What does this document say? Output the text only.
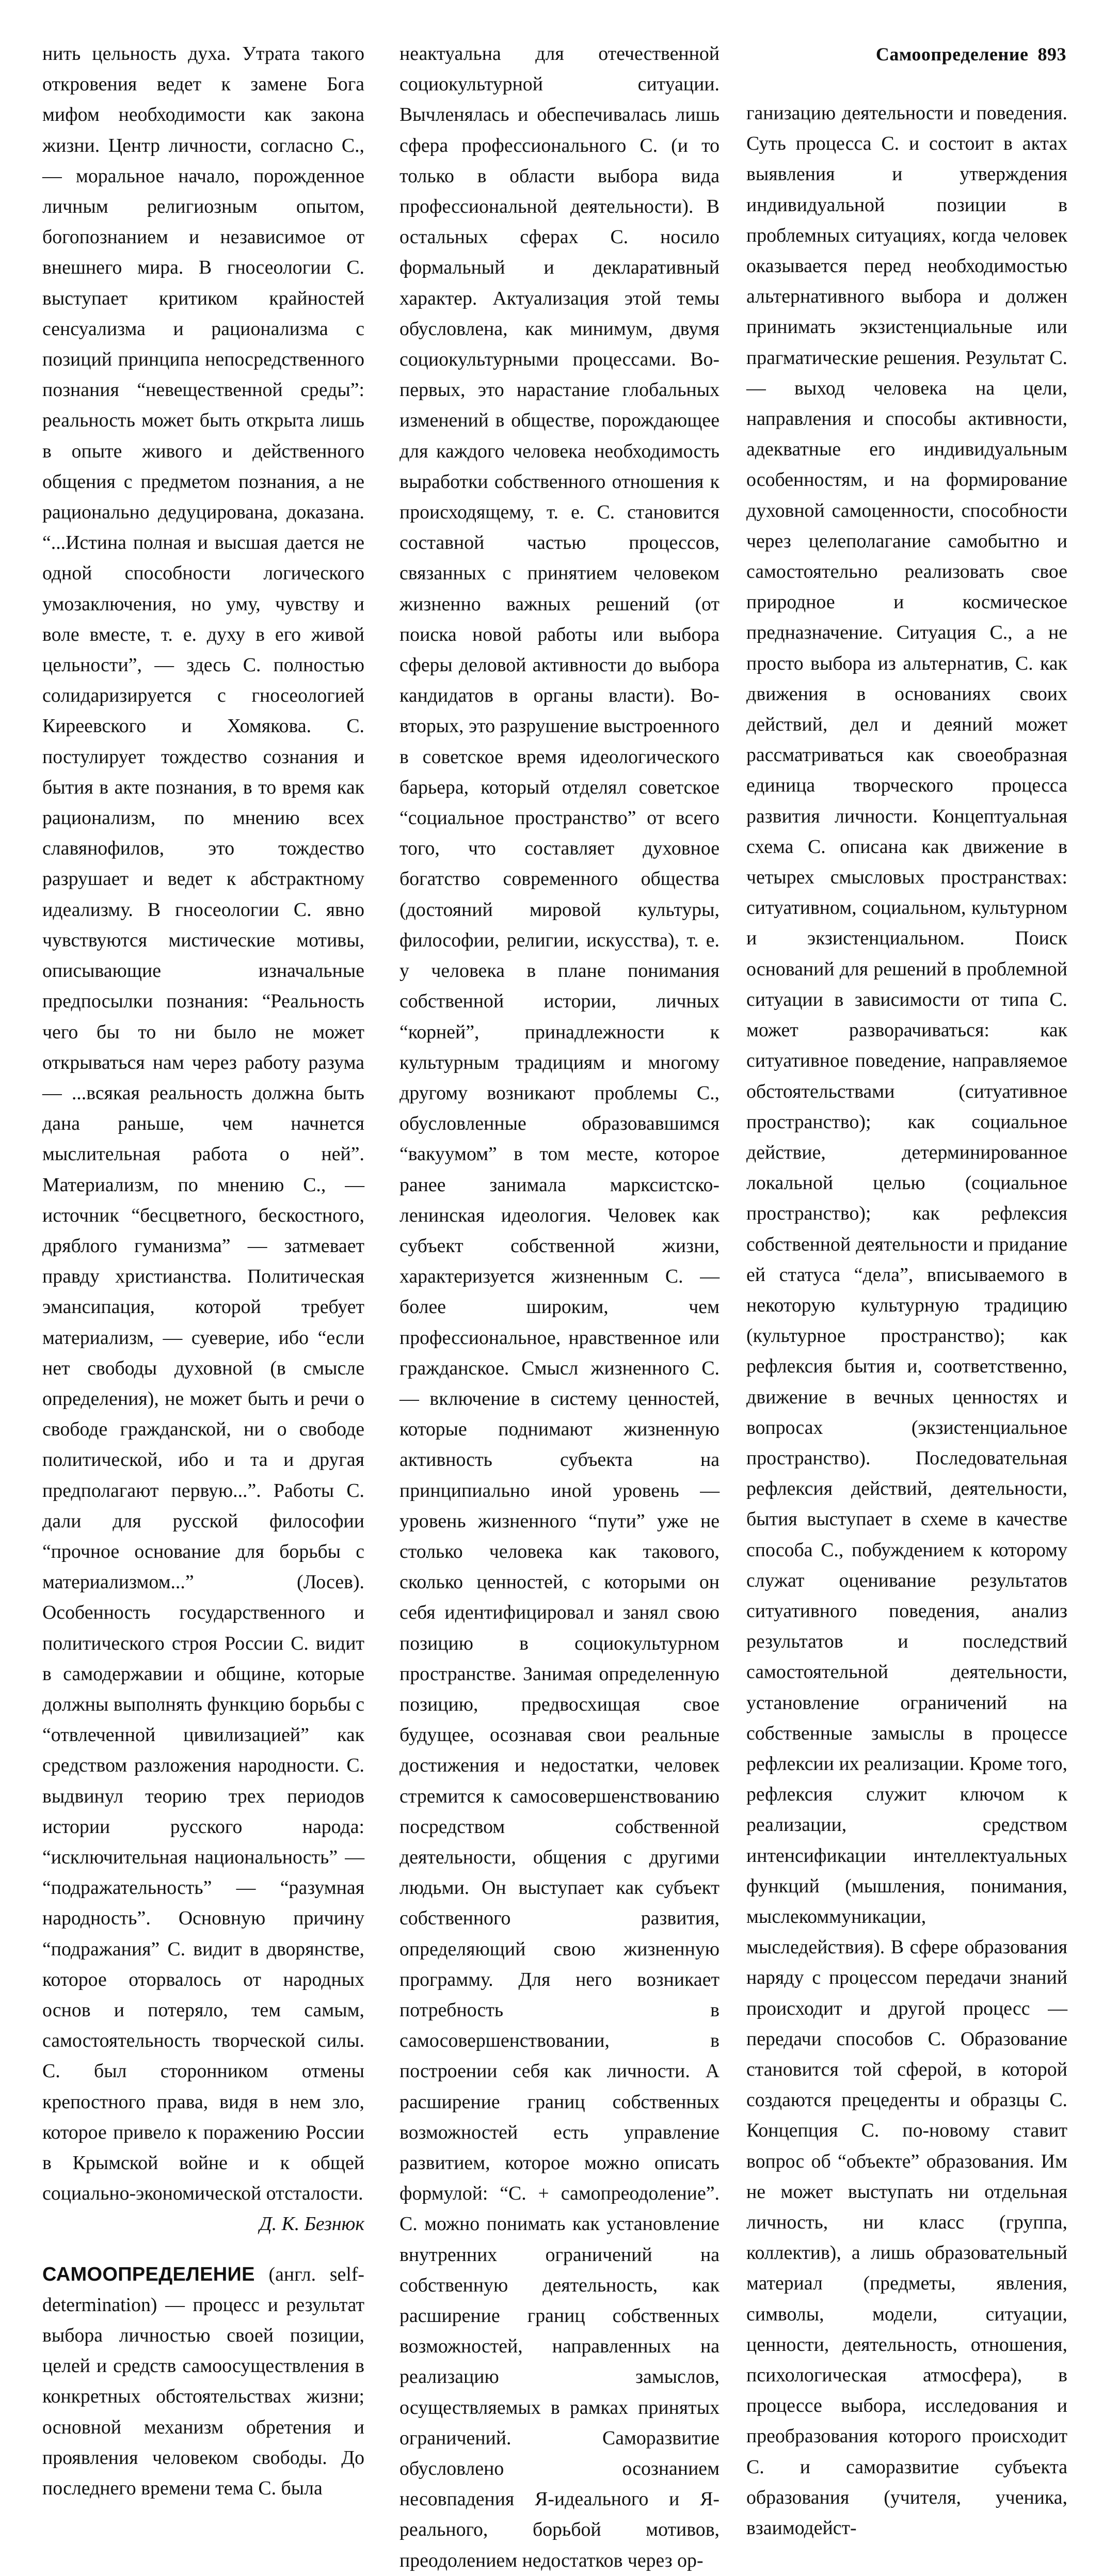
Самоопределение 893

нить цельность духа. Утрата такого откровения ведет к замене Бога мифом необходимости как закона жизни. Центр личности, согласно С., — моральное начало, порожденное личным религиозным опытом, богопознанием и независимое от внешнего мира. В гносеологии С. выступает критиком крайностей сенсуализма и рационализма с позиций принципа непосредственного познания “невещественной среды”: реальность может быть открыта лишь в опыте живого и действенного общения с предметом познания, а не рационально дедуцирована, доказана. “...Истина полная и высшая дается не одной способности логического умозаключения, но уму, чувству и воле вместе, т. е. духу в его живой цельности”, — здесь С. полностью солидаризируется с гносеологией Киреевского и Хомякова. С. постулирует тождество сознания и бытия в акте познания, в то время как рационализм, по мнению всех славянофилов, это тождество разрушает и ведет к абстрактному идеализму. В гносеологии С. явно чувствуются мистические мотивы, описывающие изначальные предпосылки познания: “Реальность чего бы то ни было не может открываться нам через работу разума — ...всякая реальность должна быть дана раньше, чем начнется мыслительная работа о ней”. Материализм, по мнению С., — источник “бесцветного, бескостного, дряблого гуманизма” — затмевает правду христианства. Политическая эмансипация, которой требует материализм, — суеверие, ибо “если нет свободы духовной (в смысле определения), не может быть и речи о свободе гражданской, ни о свободе политической, ибо и та и другая предполагают первую...”. Работы С. дали для русской философии “прочное основание для борьбы с материализмом...” (Лосев). Особенность государственного и политического строя России С. видит в самодержавии и общине, которые должны выполнять функцию борьбы с “отвлеченной цивилизацией” как средством разложения народности. С. выдвинул теорию трех периодов истории русского народа: “исключительная национальность” — “подражательность” — “разумная народность”. Основную причину “подражания” С. видит в дворянстве, которое оторвалось от народных основ и потеряло, тем самым, самостоятельность творческой силы. С. был сторонником отмены крепостного права, видя в нем зло, которое привело к поражению России в Крымской войне и к общей социально-экономической отсталости.

Д. К. Безнюк

САМООПРЕДЕЛЕНИЕ (англ. self-determination) — процесс и результат выбора личностью своей позиции, целей и средств самоосуществления в конкретных обстоятельствах жизни; основной механизм обретения и проявления человеком свободы. До последнего времени тема С. была

неактуальна для отечественной социокультурной ситуации. Вычленялась и обеспечивалась лишь сфера профессионального С. (и то только в области выбора вида профессиональной деятельности). В остальных сферах С. носило формальный и декларативный характер. Актуализация этой темы обусловлена, как минимум, двумя социокультурными процессами. Во-первых, это нарастание глобальных изменений в обществе, порождающее для каждого человека необходимость выработки собственного отношения к происходящему, т. е. С. становится составной частью процессов, связанных с принятием человеком жизненно важных решений (от поиска новой работы или выбора сферы деловой активности до выбора кандидатов в органы власти). Во-вторых, это разрушение выстроенного в советское время идеологического барьера, который отделял советское “социальное пространство” от всего того, что составляет духовное богатство современного общества (достояний мировой культуры, философии, религии, искусства), т. е. у человека в плане понимания собственной истории, личных “корней”, принадлежности к культурным традициям и многому другому возникают проблемы С., обусловленные образовавшимся “вакуумом” в том месте, которое ранее занимала марксистско-ленинская идеология. Человек как субъект собственной жизни, характеризуется жизненным С. — более широким, чем профессиональное, нравственное или гражданское. Смысл жизненного С. — включение в систему ценностей, которые поднимают жизненную активность субъекта на принципиально иной уровень — уровень жизненного “пути” уже не столько человека как такового, сколько ценностей, с которыми он себя идентифицировал и занял свою позицию в социокультурном пространстве. Занимая определенную позицию, предвосхищая свое будущее, осознавая свои реальные достижения и недостатки, человек стремится к самосовершенствованию посредством собственной деятельности, общения с другими людьми. Он выступает как субъект собственного развития, определяющий свою жизненную программу. Для него возникает потребность в самосовершенствовании, в построении себя как личности. А расширение границ собственных возможностей есть управление развитием, которое можно описать формулой: “С. + самопреодоление”. С. можно понимать как установление внутренних ограничений на собственную деятельность, как расширение границ собственных возможностей, направленных на реализацию замыслов, осуществляемых в рамках принятых ограничений. Саморазвитие обусловлено осознанием несовпадения Я-идеального и Я-реального, борьбой мотивов, преодолением недостатков через ор-

ганизацию деятельности и поведения. Суть процесса С. и состоит в актах выявления и утверждения индивидуальной позиции в проблемных ситуациях, когда человек оказывается перед необходимостью альтернативного выбора и должен принимать экзистенциальные или прагматические решения. Результат С. — выход человека на цели, направления и способы активности, адекватные его индивидуальным особенностям, и на формирование духовной самоценности, способности через целеполагание самобытно и самостоятельно реализовать свое природное и космическое предназначение. Ситуация С., а не просто выбора из альтернатив, С. как движения в основаниях своих действий, дел и деяний может рассматриваться как своеобразная единица творческого процесса развития личности. Концептуальная схема С. описана как движение в четырех смысловых пространствах: ситуативном, социальном, культурном и экзистенциальном. Поиск оснований для решений в проблемной ситуации в зависимости от типа С. может разворачиваться: как ситуативное поведение, направляемое обстоятельствами (ситуативное пространство); как социальное действие, детерминированное локальной целью (социальное пространство); как рефлексия собственной деятельности и придание ей статуса “дела”, вписываемого в некоторую культурную традицию (культурное пространство); как рефлексия бытия и, соответственно, движение в вечных ценностях и вопросах (экзистенциальное пространство). Последовательная рефлексия действий, деятельности, бытия выступает в схеме в качестве способа С., побуждением к которому служат оценивание результатов ситуативного поведения, анализ результатов и последствий самостоятельной деятельности, установление ограничений на собственные замыслы в процессе рефлексии их реализации. Кроме того, рефлексия служит ключом к реализации, средством интенсификации интеллектуальных функций (мышления, понимания, мыслекоммуникации, мыследействия). В сфере образования наряду с процессом передачи знаний происходит и другой процесс — передачи способов С. Образование становится той сферой, в которой создаются прецеденты и образцы С. Концепция С. по-новому ставит вопрос об “объекте” образования. Им не может выступать ни отдельная личность, ни класс (группа, коллектив), а лишь образовательный материал (предметы, явления, символы, модели, ситуации, ценности, деятельность, отношения, психологическая атмосфера), в процессе выбора, исследования и преобразования которого происходит С. и саморазвитие субъекта образования (учителя, ученика, взаимодейст-
